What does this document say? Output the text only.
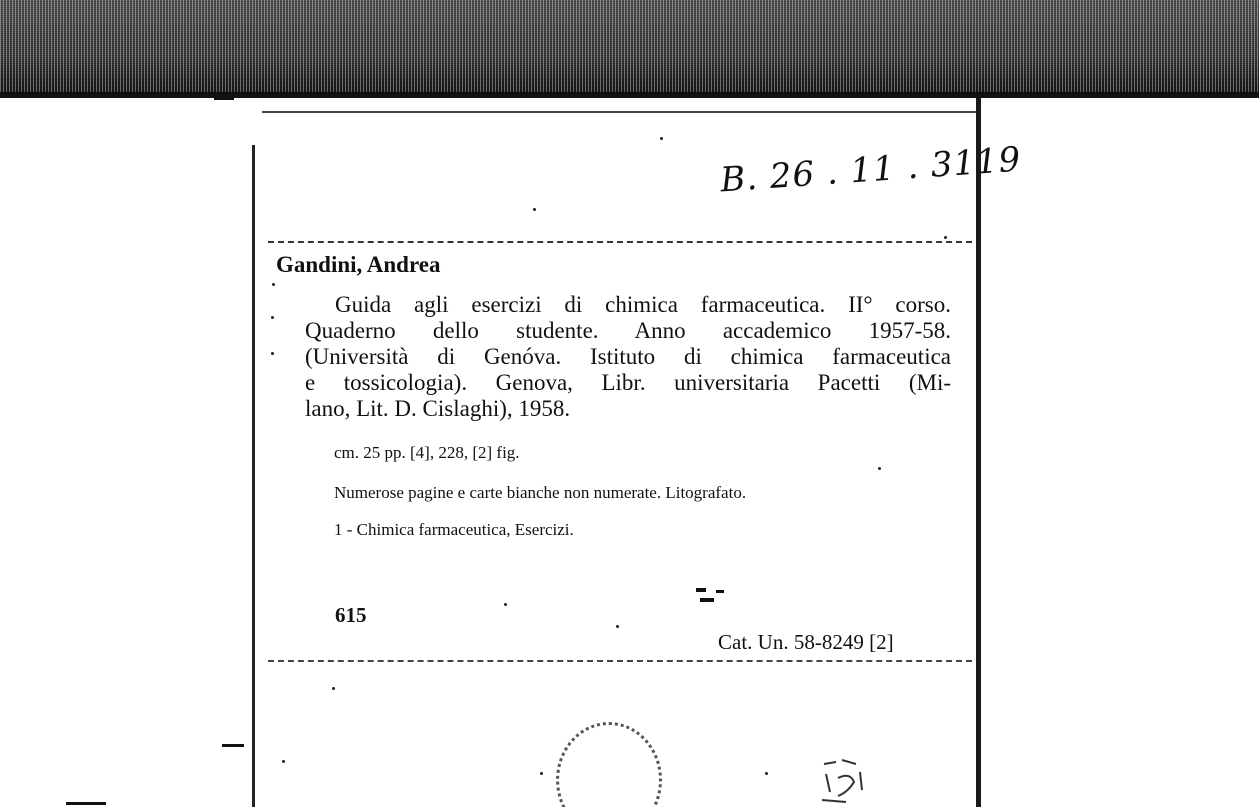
B. 26 . 11 . 3119
Gandini, Andrea
Guida agli esercizi di chimica farmaceutica. II° corso.
Quaderno dello studente. Anno accademico 1957-58.
(Università di Genóva. Istituto di chimica farmaceutica
e tossicologia). Genova, Libr. universitaria Pacetti (Mi-
lano, Lit. D. Cislaghi), 1958.
cm. 25 pp. [4], 228, [2] fig.
Numerose pagine e carte bianche non numerate. Litografato.
1 - Chimica farmaceutica, Esercizi.
615
Cat. Un. 58-8249 [2]
